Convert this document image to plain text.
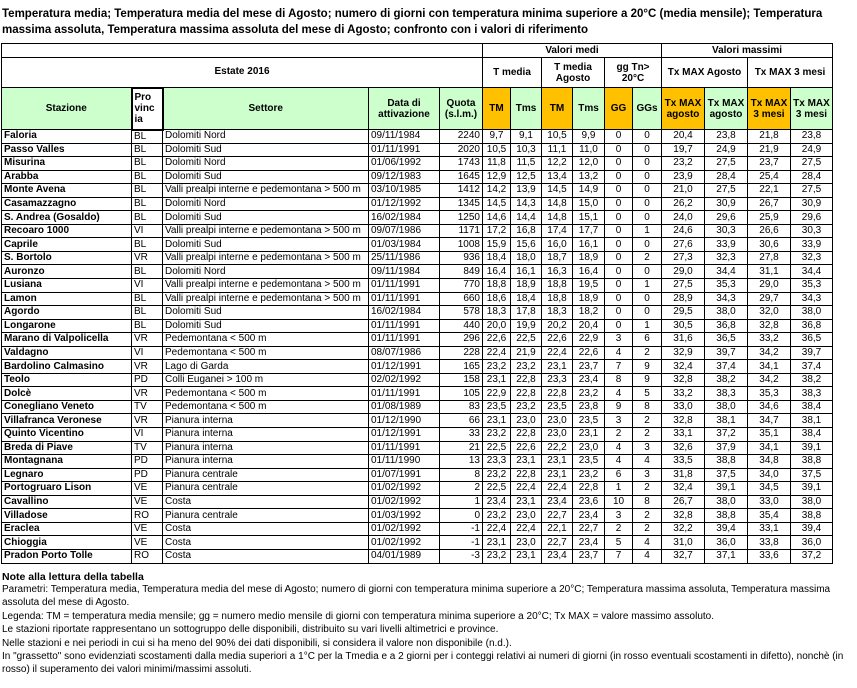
Temperatura media; Temperatura media del mese di Agosto; numero di giorni con temperatura minima superiore a 20°C (media mensile); Temperatura massima assoluta, Temperatura massima assoluta del mese di Agosto; confronto con i valori di riferimento
					Valori medi						Valori massimi			
Estate 2016					T media		T media Agosto		gg Tn> 20°C		Tx MAX Agosto		Tx MAX 3 mesi	
Stazione	Pro vinc ia	Settore	Data di attivazione	Quota (s.l.m.)	TM	Tms	TM	Tms	GG	GGs	Tx MAX agosto	Tx MAX agosto	Tx MAX 3 mesi	Tx MAX 3 mesi
Faloria	BL	Dolomiti Nord	09/11/1984	2240	9,7	9,1	10,5	9,9	0	0	20,4	23,8	21,8	23,8
Passo Valles	BL	Dolomiti Sud	01/11/1991	2020	10,5	10,3	11,1	11,0	0	0	19,7	24,9	21,9	24,9
Misurina	BL	Dolomiti Nord	01/06/1992	1743	11,8	11,5	12,2	12,0	0	0	23,2	27,5	23,7	27,5
Arabba	BL	Dolomiti Sud	09/12/1983	1645	12,9	12,5	13,4	13,2	0	0	23,9	28,4	25,4	28,4
Monte Avena	BL	Valli prealpi interne e pedemontana > 500 m	03/10/1985	1412	14,2	13,9	14,5	14,9	0	0	21,0	27,5	22,1	27,5
Casamazzagno	BL	Dolomiti Nord	01/12/1992	1345	14,5	14,3	14,8	15,0	0	0	26,2	30,9	26,7	30,9
S. Andrea (Gosaldo)	BL	Dolomiti Sud	16/02/1984	1250	14,6	14,4	14,8	15,1	0	0	24,0	29,6	25,9	29,6
Recoaro 1000	VI	Valli prealpi interne e pedemontana > 500 m	09/07/1986	1171	17,2	16,8	17,4	17,7	0	1	24,6	30,3	26,6	30,3
Caprile	BL	Dolomiti Sud	01/03/1984	1008	15,9	15,6	16,0	16,1	0	0	27,6	33,9	30,6	33,9
S. Bortolo	VR	Valli prealpi interne e pedemontana > 500 m	25/11/1986	936	18,4	18,0	18,7	18,9	0	2	27,3	32,3	27,8	32,3
Auronzo	BL	Dolomiti Nord	09/11/1984	849	16,4	16,1	16,3	16,4	0	0	29,0	34,4	31,1	34,4
Lusiana	VI	Valli prealpi interne e pedemontana > 500 m	01/11/1991	770	18,8	18,9	18,8	19,5	0	1	27,5	35,3	29,0	35,3
Lamon	BL	Valli prealpi interne e pedemontana > 500 m	01/11/1991	660	18,6	18,4	18,8	18,9	0	0	28,9	34,3	29,7	34,3
Agordo	BL	Dolomiti Sud	16/02/1984	578	18,3	17,8	18,3	18,2	0	0	29,5	38,0	32,0	38,0
Longarone	BL	Dolomiti Sud	01/11/1991	440	20,0	19,9	20,2	20,4	0	1	30,5	36,8	32,8	36,8
Marano di Valpolicella	VR	Pedemontana < 500 m	01/11/1991	296	22,6	22,5	22,6	22,9	3	6	31,6	36,5	33,2	36,5
Valdagno	VI	Pedemontana < 500 m	08/07/1986	228	22,4	21,9	22,4	22,6	4	2	32,9	39,7	34,2	39,7
Bardolino Calmasino	VR	Lago di Garda	01/12/1991	165	23,2	23,2	23,1	23,7	7	9	32,4	37,4	34,1	37,4
Teolo	PD	Colli Euganei > 100 m	02/02/1992	158	23,1	22,8	23,3	23,4	8	9	32,8	38,2	34,2	38,2
Dolcè	VR	Pedemontana < 500 m	01/11/1991	105	22,9	22,8	22,8	23,2	4	5	33,2	38,3	35,3	38,3
Conegliano Veneto	TV	Pedemontana < 500 m	01/08/1989	83	23,5	23,2	23,5	23,8	9	8	33,0	38,0	34,6	38,4
Villafranca Veronese	VR	Pianura interna	01/12/1990	66	23,1	23,0	23,0	23,5	3	2	32,8	38,1	34,7	38,1
Quinto Vicentino	VI	Pianura interna	01/12/1991	33	23,2	22,8	23,0	23,1	2	2	33,1	37,2	35,1	38,4
Breda di Piave	TV	Pianura interna	01/11/1991	21	22,5	22,6	22,2	23,0	4	3	32,6	37,9	34,1	39,1
Montagnana	PD	Pianura interna	01/11/1990	13	23,3	23,1	23,1	23,5	4	4	33,5	38,8	34,8	38,8
Legnaro	PD	Pianura centrale	01/07/1991	8	23,2	22,8	23,1	23,2	6	3	31,8	37,5	34,0	37,5
Portogruaro Lison	VE	Pianura centrale	01/02/1992	2	22,5	22,4	22,4	22,8	1	2	32,4	39,1	34,5	39,1
Cavallino	VE	Costa	01/02/1992	1	23,4	23,1	23,4	23,6	10	8	26,7	38,0	33,0	38,0
Villadose	RO	Pianura centrale	01/03/1992	0	23,2	23,0	22,7	23,4	3	2	32,8	38,8	35,4	38,8
Eraclea	VE	Costa	01/02/1992	-1	22,4	22,4	22,1	22,7	2	2	32,2	39,4	33,1	39,4
Chioggia	VE	Costa	01/02/1992	-1	23,1	23,0	22,7	23,4	5	4	31,0	36,0	33,8	36,0
Pradon Porto Tolle	RO	Costa	04/01/1989	-3	23,2	23,1	23,4	23,7	7	4	32,7	37,1	33,6	37,2
Note alla lettura della tabella
Parametri: Temperatura media, Temperatura media del mese di Agosto; numero di giorni con temperatura minima superiore a 20°C; Temperatura massima assoluta, Temperatura massima assoluta del mese di Agosto.
Legenda: TM = temperatura media mensile; gg = numero medio mensile di giorni con temperatura minima superiore a 20°C; Tx MAX = valore massimo assoluto.
Le stazioni riportate rappresentano un sottogruppo delle disponibili, distribuito su vari livelli altimetrici e province.
Nelle stazioni e nei periodi in cui si ha meno del 90% dei dati disponibili, si considera il valore non disponibile (n.d.).
In "grassetto" sono evidenziati scostamenti dalla media superiori a 1°C per la Tmedia e a 2 giorni per i conteggi relativi ai numeri di giorni (in rosso eventuali scostamenti in difetto), nonchè (in rosso) il superamento dei valori minimi/massimi assoluti.
